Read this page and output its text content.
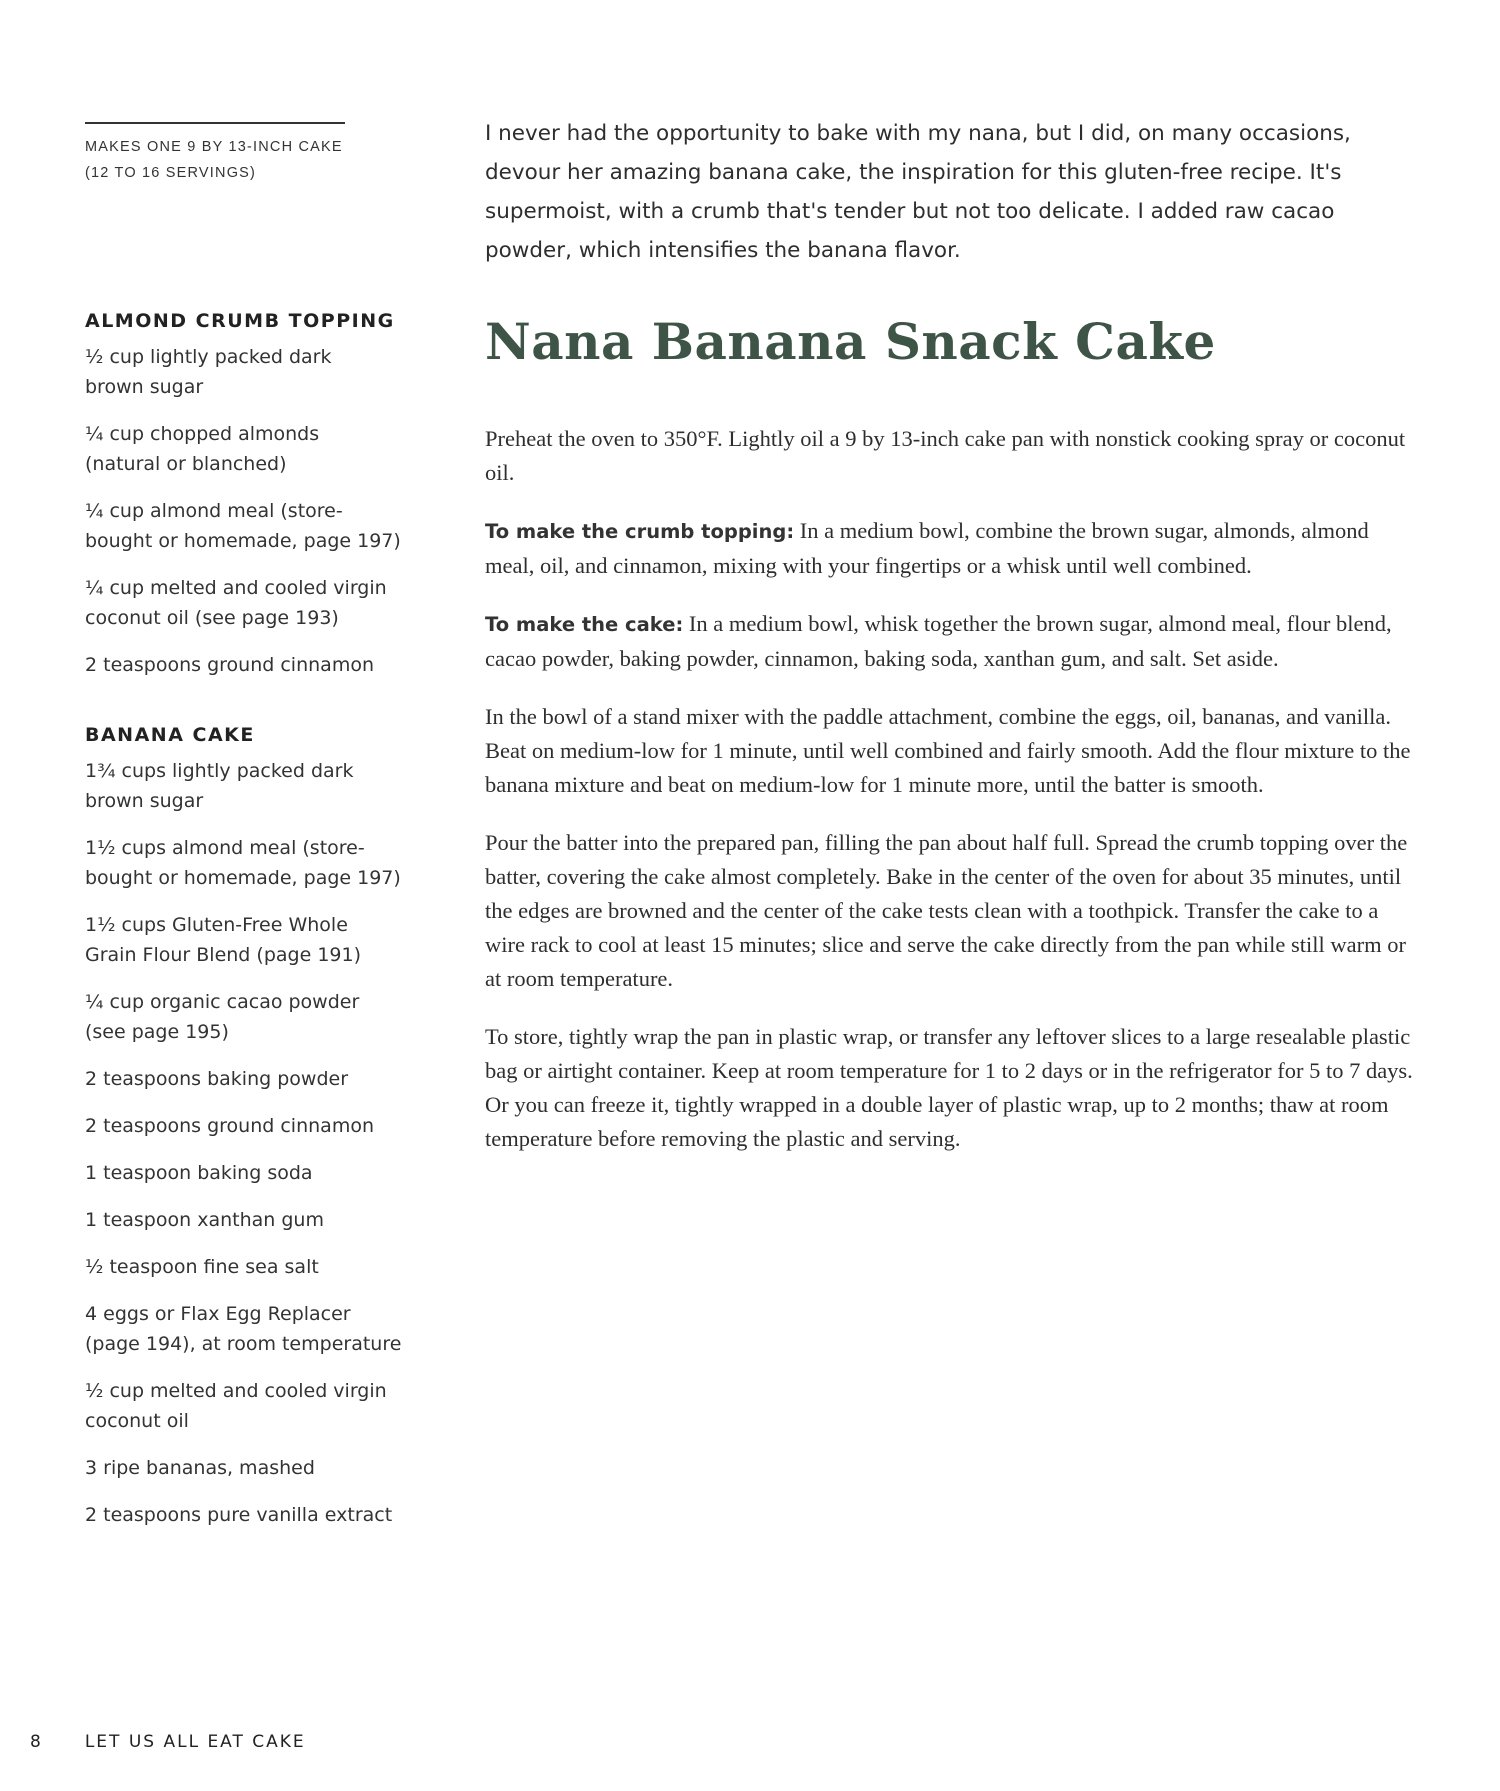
MAKES ONE 9 BY 13-INCH CAKE
(12 TO 16 SERVINGS)

I never had the opportunity to bake with my nana, but I did, on many occasions, devour her amazing banana cake, the inspiration for this gluten-free recipe. It's supermoist, with a crumb that's tender but not too delicate. I added raw cacao powder, which intensifies the banana flavor.

Nana Banana Snack Cake
ALMOND CRUMB TOPPING
½ cup lightly packed dark
brown sugar
¼ cup chopped almonds
(natural or blanched)
¼ cup almond meal (store-
bought or homemade, page 197)
¼ cup melted and cooled virgin
coconut oil (see page 193)
2 teaspoons ground cinnamon
BANANA CAKE
1¾ cups lightly packed dark
brown sugar
1½ cups almond meal (store-
bought or homemade, page 197)
1½ cups Gluten-Free Whole
Grain Flour Blend (page 191)
¼ cup organic cacao powder
(see page 195)
2 teaspoons baking powder
2 teaspoons ground cinnamon
1 teaspoon baking soda
1 teaspoon xanthan gum
½ teaspoon fine sea salt
4 eggs or Flax Egg Replacer
(page 194), at room temperature
½ cup melted and cooled virgin
coconut oil
3 ripe bananas, mashed
2 teaspoons pure vanilla extract

Preheat the oven to 350°F. Lightly oil a 9 by 13-inch cake pan with nonstick cooking spray or coconut oil.

To make the crumb topping: In a medium bowl, combine the brown sugar, almonds, almond meal, oil, and cinnamon, mixing with your fingertips or a whisk until well combined.

To make the cake: In a medium bowl, whisk together the brown sugar, almond meal, flour blend, cacao powder, baking powder, cinnamon, baking soda, xanthan gum, and salt. Set aside.

In the bowl of a stand mixer with the paddle attachment, combine the eggs, oil, bananas, and vanilla. Beat on medium-low for 1 minute, until well combined and fairly smooth. Add the flour mixture to the banana mixture and beat on medium-low for 1 minute more, until the batter is smooth.

Pour the batter into the prepared pan, filling the pan about half full. Spread the crumb topping over the batter, covering the cake almost completely. Bake in the center of the oven for about 35 minutes, until the edges are browned and the center of the cake tests clean with a toothpick. Transfer the cake to a wire rack to cool at least 15 minutes; slice and serve the cake directly from the pan while still warm or at room temperature.

To store, tightly wrap the pan in plastic wrap, or transfer any leftover slices to a large resealable plastic bag or airtight container. Keep at room temperature for 1 to 2 days or in the refrigerator for 5 to 7 days. Or you can freeze it, tightly wrapped in a double layer of plastic wrap, up to 2 months; thaw at room temperature before removing the plastic and serving.

8 LET US ALL EAT CAKE
